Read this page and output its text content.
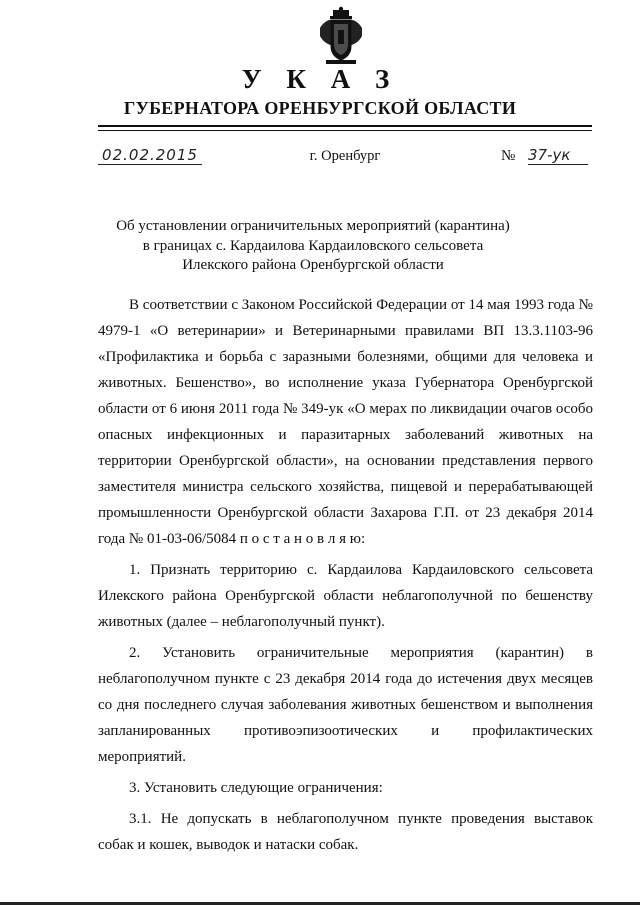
У К А З
ГУБЕРНАТОРА ОРЕНБУРГСКОЙ ОБЛАСТИ
02.02.2015	г. Оренбург	№ 37-ук
Об установлении ограничительных мероприятий (карантина)
в границах с. Кардаилова Кардаиловского сельсовета
Илекского района Оренбургской области

В соответствии с Законом Российской Федерации от 14 мая 1993 года № 4979-1 «О ветеринарии» и Ветеринарными правилами ВП 13.3.1103-96 «Профилактика и борьба с заразными болезнями, общими для человека и животных. Бешенство», во исполнение указа Губернатора Оренбургской области от 6 июня 2011 года № 349-ук «О мерах по ликвидации очагов особо опасных инфекционных и паразитарных заболеваний животных на территории Оренбургской области», на основании представления первого заместителя министра сельского хозяйства, пищевой и перерабатывающей промышленности Оренбургской области Захарова Г.П. от 23 декабря 2014 года № 01-03-06/5084 п о с т а н о в л я ю:

1. Признать территорию с. Кардаилова Кардаиловского сельсовета Илекского района Оренбургской области неблагополучной по бешенству животных (далее – неблагополучный пункт).

2. Установить ограничительные мероприятия (карантин) в неблагополучном пункте с 23 декабря 2014 года до истечения двух месяцев со дня последнего случая заболевания животных бешенством и выполнения запланированных противоэпизоотических и профилактических мероприятий.

3. Установить следующие ограничения:

3.1. Не допускать в неблагополучном пункте проведения выставок собак и кошек, выводок и натаски собак.
